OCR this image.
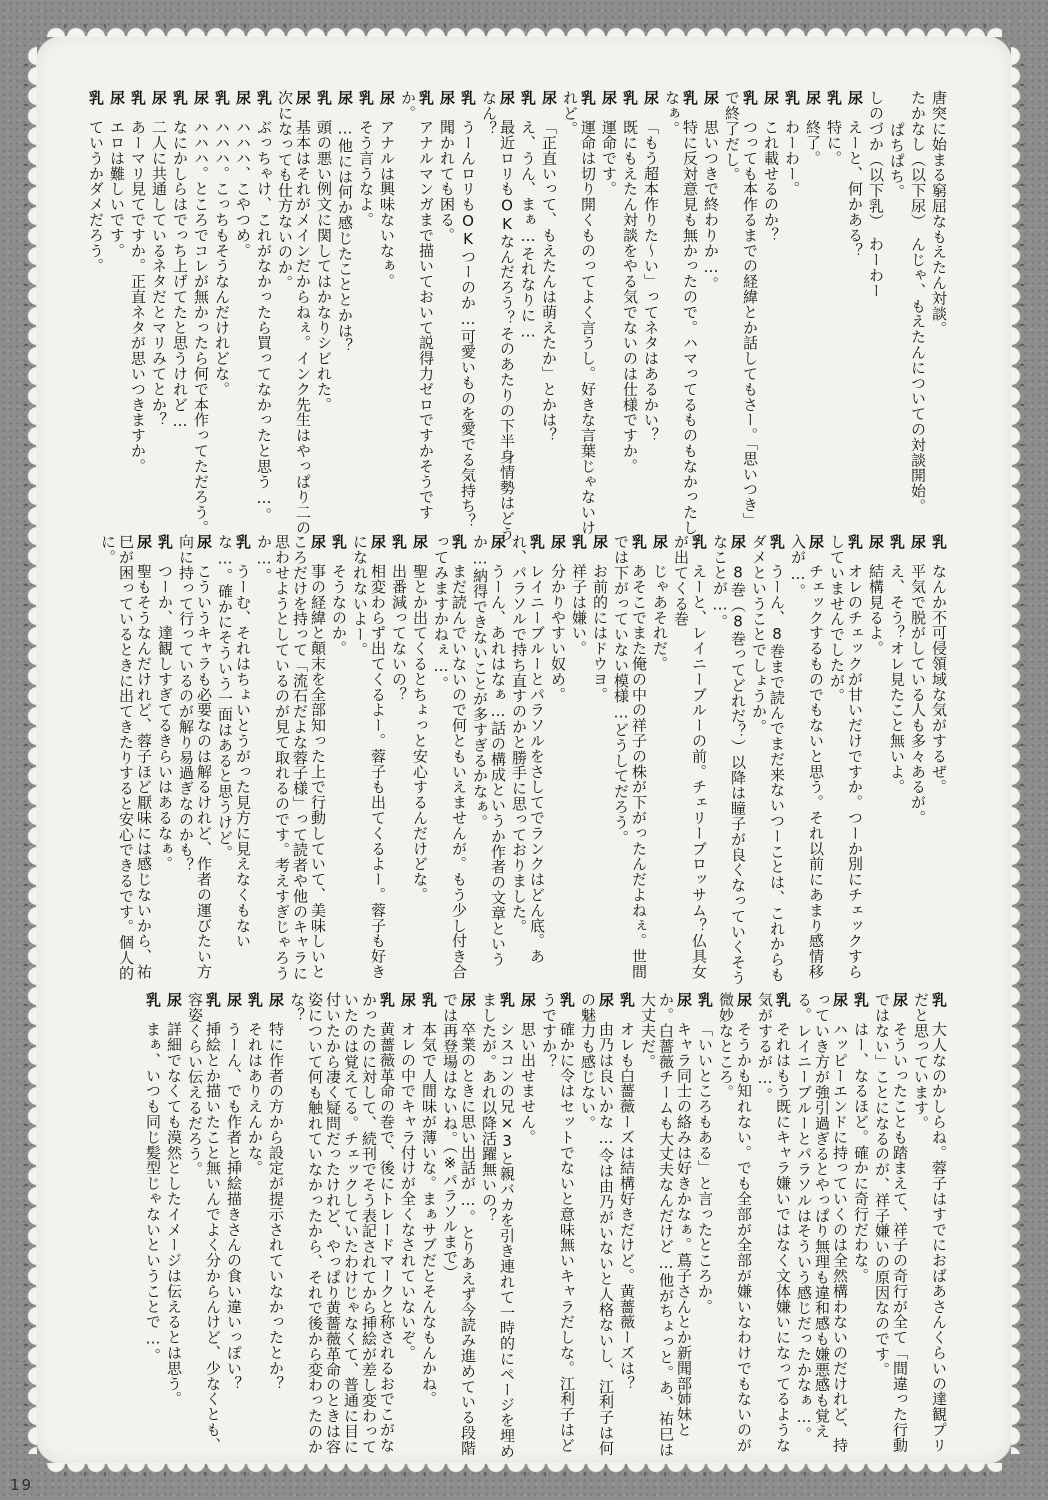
唐突に始まる窮屈なもえたん対談。

たかなし（以下尿）　んじゃ、もえたんについての対談開始。

ぱちぱち。

しのづか（以下乳）　わーわー

尿えーと、何かある？

乳特に。

尿終了。

乳わーわー。

尿これ載せるのか？

乳つっても本作るまでの経緯とか話してもさー。「思いつき」で終了だし。

尿思いつきで終わりか…。

乳特に反対意見も無かったので。ハマってるものもなかったしなぁ。

尿「もう超本作りた～い」ってネタはあるかい？

乳既にもえたん対談をやる気でないのは仕様ですか。

尿運命です。

乳運命は切り開くものってよく言うし。好きな言葉じゃないけれど。

尿「正直いって、もえたんは萌えたか」とかは？

乳え、うん、まぁ…それなりに…

尿最近ロリもOKなんだろう？そのあたりの下半身情勢はどうなん？

乳うーんロリもOKつーのか…可愛いものを愛でる気持ち？

尿聞かれても困る。

乳アナルマンガまで描いておいて説得力ゼロですかそうですか。

尿アナルは興味ないなぁ。

乳そう言うなよ。

尿…他には何か感じたこととかは？

乳頭の悪い例文に関してはかなりシビれた。

尿基本はそれがメインだからねぇ。インク先生はやっぱり二の次になっても仕方ないのか。

乳ぶっちゃけ、これがなかったら買ってなかったと思う…。

尿ハハハ、こやつめ。

乳ハハハ。こっちもそうなんだけれどな。

尿ハハハ。ところでコレが無かったら何で本作ってただろう。

乳なにかしらはでっち上げてたと思うけれど…

尿二人に共通しているネタだとマリみてとか？

乳あーマリ見てですか。正直ネタが思いつきますか。

尿エロは難しいです。

乳ていうかダメだろう。

乳なんか不可侵領域な気がするぜ。

尿平気で脱がしている人も多々あるが。

乳え、そう？オレ見たこと無いよ。

尿結構見るよ。

乳オレのチェックが甘いだけですか。つーか別にチェックすらしていませんでしたが。

尿チェックするものでもないと思う。それ以前にあまり感情移入が…。

乳うーん、8巻まで読んでまだ来ないつーことは、これからもダメということでしょうか。

尿8巻（8巻ってどれだ？）以降は瞳子が良くなっていくそうなことが…。

乳えーと、レイニーブルーの前。チェリーブロッサム？仏具女が出てくる巻

尿じゃあそれだ。

乳あそこでまた俺の中の祥子の株が下がったんだよねぇ。世間では下がっていない模様…どうしてだろう。

尿お前的にはドウヨ。

乳祥子は嫌い。

尿分かりやすい奴め。

乳レイニーブルーとパラソルをさしてでランクはどん底。あれ、パラソルで持ち直すのかと勝手に思っておりました。

尿うーん、あれはなぁ…話の構成というか作者の文章というか…納得できないことが多すぎるかなぁ。

乳まだ読んでいないので何ともいえませんが。もう少し付き合ってみますかねぇ…。

尿聖とか出てくるとちょっと安心するんだけどな。

乳出番減ってないの？

尿相変わらず出てくるよー。蓉子も出てくるよー。蓉子も好きになれないよー。

乳そうなのか。

尿事の経緯と顛末を全部知った上で行動していて、美味しいところだけを持って「流石だよな蓉子様」って読者や他のキャラに思わせようとしているのが見て取れるのです。考えすぎじゃろうか…。

乳うーむ、それはちょいとうがった見方に見えなくもないな…。確かにそういう一面はあると思うけど。

尿こういうキャラも必要なのは解るけれど、作者の運びたい方向に持って行っているのが解り易過ぎなのかも？

乳つーか、達観しすぎてるきらいはあるなぁ。

尿聖もそうなんだけれど、蓉子ほど厭味には感じないから、祐巳が困っているときに出てきたりすると安心できるです。個人的に。

乳大人なのかしらね。蓉子はすでにおばあさんくらいの達観プリだと思っています。

尿そういったことも踏まえて、祥子の奇行が全て「間違った行動ではない」ことになるのが、祥子嫌いの原因なのです。

乳はー、なるほど。確かに奇行だわな。

尿ハッピーエンドに持っていくのは全然構わないのだけれど、持っていき方が強引過ぎるとやっぱり無理も違和感も嫌悪感も覚える。レイニーブルーとパラソルはそういう感じだったかなぁ…。

乳それはもう既にキャラ嫌いではなく文体嫌いになってるような気がするが…。

尿そうかも知れない。でも全部が全部が嫌いなわけでもないのが微妙なところ。

乳「いいところもある」と言ったところか。

尿キャラ同士の絡みは好きかなぁ。蔦子さんとか新聞部姉妹とか。白薔薇チームも大丈夫なんだけど…他がちょっと。あ、祐巳は大丈夫だ。

乳オレも白薔薇ーズは結構好きだけど。黄薔薇ーズは？

尿由乃は良いかな…令は由乃がいないと人格ないし、江利子は何の魅力も感じない。

乳確かに令はセットでないと意味無いキャラだしな。江利子はどうですか？

尿思い出せません。

乳シスコンの兄×3と親バカを引き連れて一時的にページを埋めましたが。あれ以降活躍無いの？

尿卒業のときに思い出話が…。とりあえず今読み進めている段階では再登場はないね。（※パラソルまで）

乳本気で人間味が薄いな。まぁサブだとそんなもんかね。

尿オレの中でキャラ付けが全くなされていないぞ。

乳黄薔薇革命の巻で、後にトレードマークと称されるおでこがなかったのに対して、続刊でそう表記されてから挿絵が差し変わっていたのは覚えてる。チェックしていたわけじゃなくて、普通に目に付いたから凄く疑問だったけれど、やっぱり黄薔薇革命のときは容姿について何も触れていなかったから、それで後から変わったのかな？

尿特に作者の方から設定が提示されていなかったとか？

乳それはありえんかな。

尿うーん、でも作者と挿絵描きさんの食い違いっぽい？

乳挿絵とか描いたこと無いんでよく分からんけど、少なくとも、容姿くらい伝えるだろう。

尿詳細でなくても漠然としたイメージは伝えるとは思う。

乳まぁ、いつも同じ髪型じゃないということで…。

19
